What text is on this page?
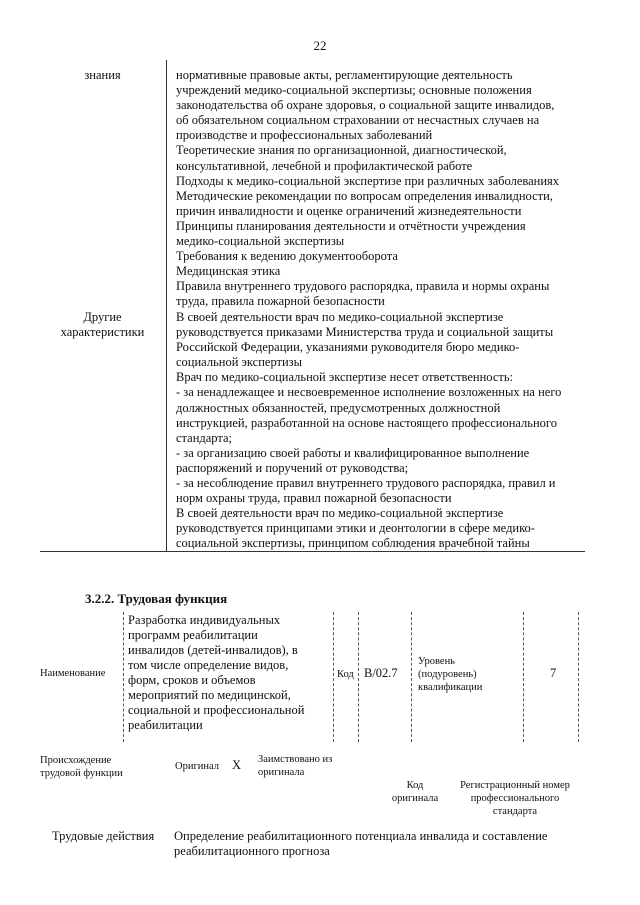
22
знания	нормативные правовые акты, регламентирующие деятельность
учреждений медико-социальной экспертизы; основные положения
законодательства об охране здоровья, о социальной защите инвалидов,
об обязательном социальном страховании от несчастных случаев на
производстве и профессиональных заболеваний
Теоретические знания по организационной, диагностической,
консультативной, лечебной и профилактической работе
Подходы к медико-социальной экспертизе при различных заболеваниях
Методические рекомендации по вопросам определения инвалидности,
причин инвалидности и оценке ограничений жизнедеятельности
Принципы планирования деятельности и отчётности учреждения
медико-социальной экспертизы
Требования к ведению документооборота
Медицинская этика
Правила внутреннего трудового распорядка, правила и нормы охраны
труда, правила пожарной безопасности
Другие
характеристики
В своей деятельности врач по медико-социальной экспертизе
руководствуется приказами Министерства труда и социальной защиты
Российской Федерации, указаниями руководителя бюро медико-
социальной экспертизы
Врач по медико-социальной экспертизе несет ответственность:
- за ненадлежащее и несвоевременное исполнение возложенных на него
должностных обязанностей, предусмотренных должностной
инструкцией, разработанной на основе настоящего профессионального
стандарта;
- за организацию своей работы и квалифицированное выполнение
распоряжений и поручений от руководства;
- за несоблюдение правил внутреннего трудового распорядка, правил и
норм охраны труда, правил пожарной безопасности
В своей деятельности врач по медико-социальной экспертизе
руководствуется принципами этики и деонтологии в сфере медико-
социальной экспертизы, принципом соблюдения врачебной тайны
3.2.2. Трудовая функция
Наименование
Разработка индивидуальных
программ реабилитации
инвалидов (детей-инвалидов), в
том числе определение видов,
форм, сроков и объемов
мероприятий по медицинской,
социальной и профессиональной
реабилитации
Код В/02.7
Уровень
(подуровень)
квалификации
7
Происхождение
трудовой функции
Оригинал X Заимствовано из
оригинала
Код
оригинала
Регистрационный номер
профессионального
стандарта
Трудовые действия Определение реабилитационного потенциала инвалида и составление
реабилитационного прогноза
